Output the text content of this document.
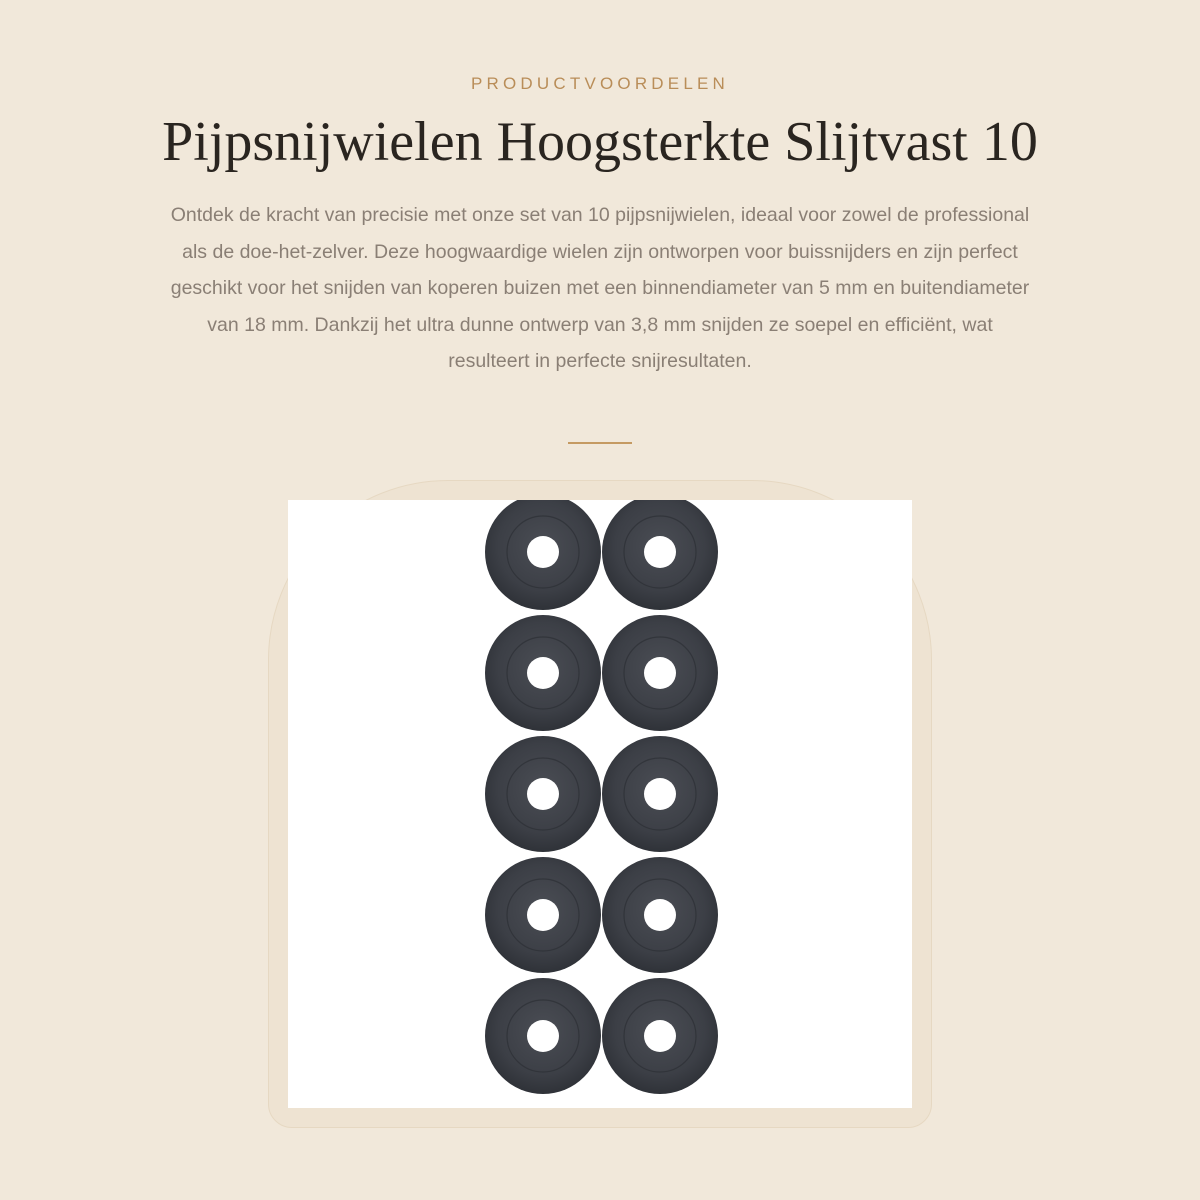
PRODUCTVOORDELEN
Pijpsnijwielen Hoogsterkte Slijtvast 10

Ontdek de kracht van precisie met onze set van 10 pijpsnijwielen, ideaal voor zowel de professional als de doe-het-zelver. Deze hoogwaardige wielen zijn ontworpen voor buissnijders en zijn perfect geschikt voor het snijden van koperen buizen met een binnendiameter van 5 mm en buitendiameter van 18 mm. Dankzij het ultra dunne ontwerp van 3,8 mm snijden ze soepel en efficiënt, wat resulteert in perfecte snijresultaten.
